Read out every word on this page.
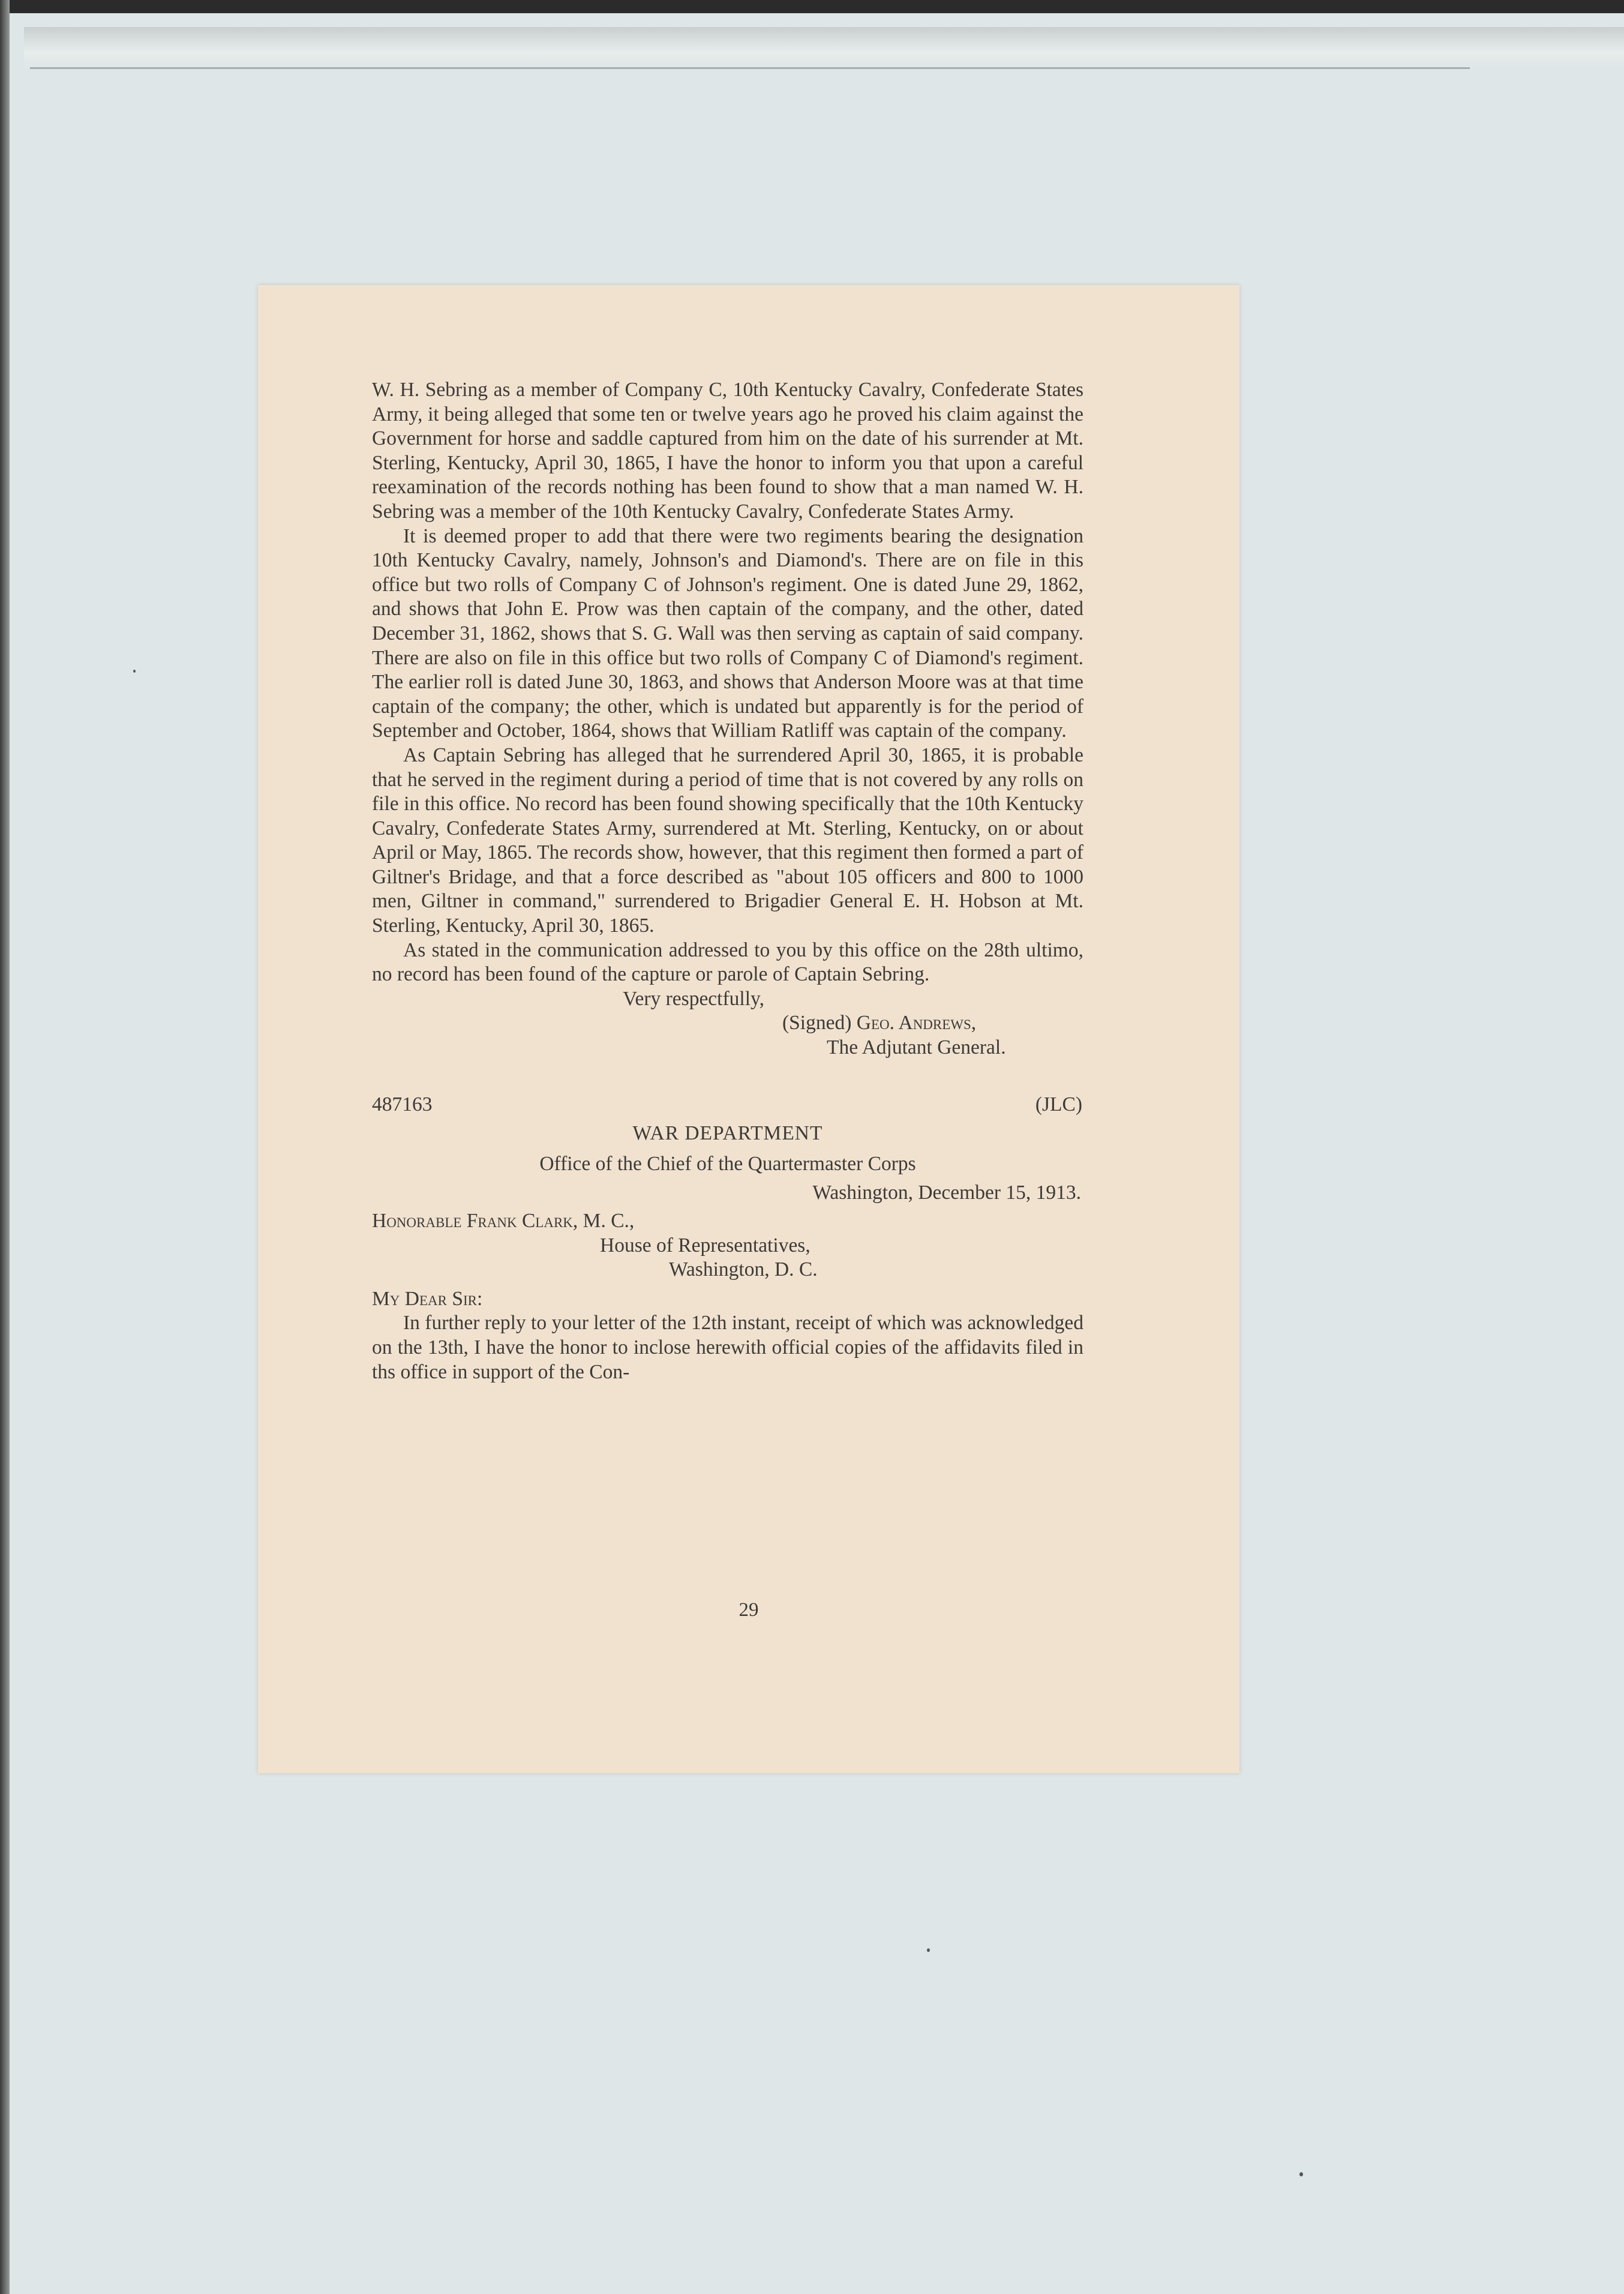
W. H. Sebring as a member of Company C, 10th Kentucky Cavalry, Confederate States Army, it being alleged that some ten or twelve years ago he proved his claim against the Government for horse and saddle captured from him on the date of his surrender at Mt. Sterling, Kentucky, April 30, 1865, I have the honor to inform you that upon a careful reexamination of the records nothing has been found to show that a man named W. H. Sebring was a member of the 10th Kentucky Cavalry, Confederate States Army.

It is deemed proper to add that there were two regiments bearing the designation 10th Kentucky Cavalry, namely, Johnson's and Diamond's. There are on file in this office but two rolls of Company C of Johnson's regiment. One is dated June 29, 1862, and shows that John E. Prow was then captain of the company, and the other, dated December 31, 1862, shows that S. G. Wall was then serving as captain of said company. There are also on file in this office but two rolls of Company C of Diamond's regiment. The earlier roll is dated June 30, 1863, and shows that Anderson Moore was at that time captain of the company; the other, which is undated but apparently is for the period of September and October, 1864, shows that William Ratliff was captain of the company.

As Captain Sebring has alleged that he surrendered April 30, 1865, it is probable that he served in the regiment during a period of time that is not covered by any rolls on file in this office. No record has been found showing specifically that the 10th Kentucky Cavalry, Confederate States Army, surrendered at Mt. Sterling, Kentucky, on or about April or May, 1865. The records show, however, that this regiment then formed a part of Giltner's Bridage, and that a force described as "about 105 officers and 800 to 1000 men, Giltner in command," surrendered to Brigadier General E. H. Hobson at Mt. Sterling, Kentucky, April 30, 1865.

As stated in the communication addressed to you by this office on the 28th ultimo, no record has been found of the capture or parole of Captain Sebring.

Very respectfully,
(Signed) Geo. Andrews,
The Adjutant General.
487163	(JLC)
WAR DEPARTMENT
Office of the Chief of the Quartermaster Corps
Washington, December 15, 1913.
Honorable Frank Clark, M. C.,
House of Representatives,
Washington, D. C.
My Dear Sir:

In further reply to your letter of the 12th instant, receipt of which was acknowledged on the 13th, I have the honor to inclose herewith official copies of the affidavits filed in ths office in support of the Con-

29
